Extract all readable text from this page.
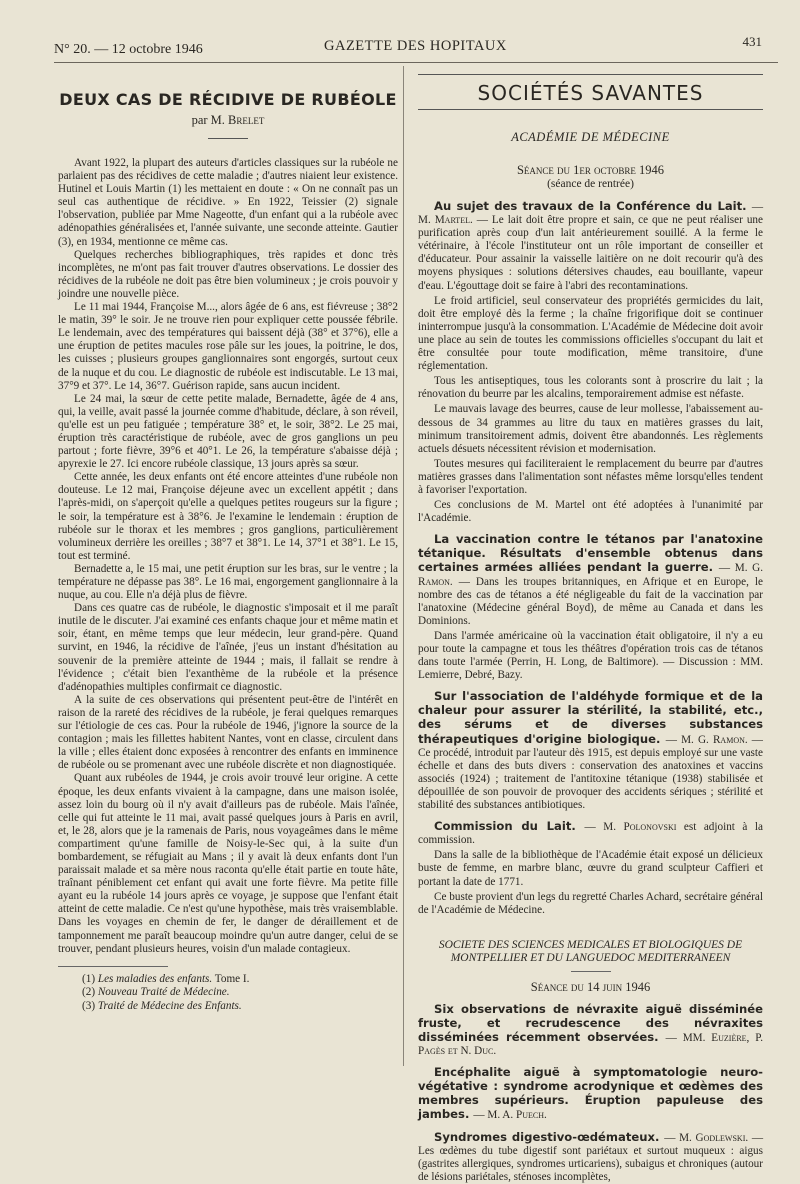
N° 20. — 12 octobre 1946	GAZETTE DES HOPITAUX	431
DEUX CAS DE RÉCIDIVE DE RUBÉOLE
par M. Brelet

Avant 1922, la plupart des auteurs d'articles classiques sur la rubéole ne parlaient pas des récidives de cette maladie ; d'autres niaient leur existence. Hutinel et Louis Martin (1) les mettaient en doute : « On ne connaît pas un seul cas authentique de récidive. » En 1922, Teissier (2) signale l'observation, publiée par Mme Nageotte, d'un enfant qui a la rubéole avec adénopathies généralisées et, l'année suivante, une seconde atteinte. Gautier (3), en 1934, mentionne ce même cas.

Quelques recherches bibliographiques, très rapides et donc très incomplètes, ne m'ont pas fait trouver d'autres observations. Le dossier des récidives de la rubéole ne doit pas être bien volumineux ; je crois pouvoir y joindre une nouvelle pièce.

Le 11 mai 1944, Françoise M..., alors âgée de 6 ans, est fiévreuse ; 38°2 le matin, 39° le soir. Je ne trouve rien pour expliquer cette poussée fébrile. Le lendemain, avec des températures qui baissent déjà (38° et 37°6), elle a une éruption de petites macules rose pâle sur les joues, la poitrine, le dos, les cuisses ; plusieurs groupes ganglionnaires sont engorgés, surtout ceux de la nuque et du cou. Le diagnostic de rubéole est indiscutable. Le 13 mai, 37°9 et 37°. Le 14, 36°7. Guérison rapide, sans aucun incident.

Le 24 mai, la sœur de cette petite malade, Bernadette, âgée de 4 ans, qui, la veille, avait passé la journée comme d'habitude, déclare, à son réveil, qu'elle est un peu fatiguée ; température 38° et, le soir, 38°2. Le 25 mai, éruption très caractéristique de rubéole, avec de gros ganglions un peu partout ; forte fièvre, 39°6 et 40°1. Le 26, la température s'abaisse déjà ; apyrexie le 27. Ici encore rubéole classique, 13 jours après sa sœur.

Cette année, les deux enfants ont été encore atteintes d'une rubéole non douteuse. Le 12 mai, Françoise déjeune avec un excellent appétit ; dans l'après-midi, on s'aperçoit qu'elle a quelques petites rougeurs sur la figure ; le soir, la température est à 38°6. Je l'examine le lendemain : éruption de rubéole sur le thorax et les membres ; gros ganglions, particulièrement volumineux derrière les oreilles ; 38°7 et 38°1. Le 14, 37°1 et 38°1. Le 15, tout est terminé.

Bernadette a, le 15 mai, une petit éruption sur les bras, sur le ventre ; la température ne dépasse pas 38°. Le 16 mai, engorgement ganglionnaire à la nuque, au cou. Elle n'a déjà plus de fièvre.

Dans ces quatre cas de rubéole, le diagnostic s'imposait et il me paraît inutile de le discuter. J'ai examiné ces enfants chaque jour et même matin et soir, étant, en même temps que leur médecin, leur grand-père. Quand survint, en 1946, la récidive de l'aînée, j'eus un instant d'hésitation au souvenir de la première atteinte de 1944 ; mais, il fallait se rendre à l'évidence ; c'était bien l'exanthème de la rubéole et la présence d'adénopathies multiples confirmait ce diagnostic.

A la suite de ces observations qui présentent peut-être de l'intérêt en raison de la rareté des récidives de la rubéole, je ferai quelques remarques sur l'étiologie de ces cas. Pour la rubéole de 1946, j'ignore la source de la contagion ; mais les fillettes habitent Nantes, vont en classe, circulent dans la ville ; elles étaient donc exposées à rencontrer des enfants en imminence de rubéole ou se promenant avec une rubéole discrète et non diagnostiquée.

Quant aux rubéoles de 1944, je crois avoir trouvé leur origine. A cette époque, les deux enfants vivaient à la campagne, dans une maison isolée, assez loin du bourg où il n'y avait d'ailleurs pas de rubéole. Mais l'aînée, celle qui fut atteinte le 11 mai, avait passé quelques jours à Paris en avril, et, le 28, alors que je la ramenais de Paris, nous voyageâmes dans le même compartiment qu'une famille de Noisy-le-Sec qui, à la suite d'un bombardement, se réfugiait au Mans ; il y avait là deux enfants dont l'un paraissait malade et sa mère nous raconta qu'elle était partie en toute hâte, traînant péniblement cet enfant qui avait une forte fièvre. Ma petite fille ayant eu la rubéole 14 jours après ce voyage, je suppose que l'enfant était atteint de cette maladie. Ce n'est qu'une hypothèse, mais très vraisemblable. Dans les voyages en chemin de fer, le danger de déraillement et de tamponnement me paraît beaucoup moindre qu'un autre danger, celui de se trouver, pendant plusieurs heures, voisin d'un malade contagieux.

(1) Les maladies des enfants. Tome I.
(2) Nouveau Traité de Médecine.
(3) Traité de Médecine des Enfants.
SOCIÉTÉS SAVANTES
ACADÉMIE DE MÉDECINE
Séance du 1er octobre 1946
(séance de rentrée)

Au sujet des travaux de la Conférence du Lait. — M. Martel. — Le lait doit être propre et sain, ce que ne peut réaliser une purification après coup d'un lait antérieurement souillé. A la ferme le vétérinaire, à l'école l'instituteur ont un rôle important de conseiller et d'éducateur. Pour assainir la vaisselle laitière on ne doit recourir qu'à des moyens physiques : solutions détersives chaudes, eau bouillante, vapeur d'eau. L'égouttage doit se faire à l'abri des recontaminations.

Le froid artificiel, seul conservateur des propriétés germicides du lait, doit être employé dès la ferme ; la chaîne frigorifique doit se continuer ininterrompue jusqu'à la consommation. L'Académie de Médecine doit avoir une place au sein de toutes les commissions officielles s'occupant du lait et être consultée pour toute modification, même transitoire, d'une réglementation.

Tous les antiseptiques, tous les colorants sont à proscrire du lait ; la rénovation du beurre par les alcalins, temporairement admise est néfaste.

Le mauvais lavage des beurres, cause de leur mollesse, l'abaissement au-dessous de 34 grammes au litre du taux en matières grasses du lait, minimum transitoirement admis, doivent être abandonnés. Les règlements actuels désuets nécessitent révision et modernisation.

Toutes mesures qui faciliteraient le remplacement du beurre par d'autres matières grasses dans l'alimentation sont néfastes même lorsqu'elles tendent à favoriser l'exportation.

Ces conclusions de M. Martel ont été adoptées à l'unanimité par l'Académie.

La vaccination contre le tétanos par l'anatoxine tétanique. Résultats d'ensemble obtenus dans certaines armées alliées pendant la guerre. — M. G. Ramon. — Dans les troupes britanniques, en Afrique et en Europe, le nombre des cas de tétanos a été négligeable du fait de la vaccination par l'anatoxine (Médecine général Boyd), de même au Canada et dans les Dominions.

Dans l'armée américaine où la vaccination était obligatoire, il n'y a eu pour toute la campagne et tous les théâtres d'opération trois cas de tétanos dans toute l'armée (Perrin, H. Long, de Baltimore). — Discussion : MM. Lemierre, Debré, Bazy.

Sur l'association de l'aldéhyde formique et de la chaleur pour assurer la stérilité, la stabilité, etc., des sérums et de diverses substances thérapeutiques d'origine biologique. — M. G. Ramon. — Ce procédé, introduit par l'auteur dès 1915, est depuis employé sur une vaste échelle et dans des buts divers : conservation des anatoxines et vaccins associés (1924) ; traitement de l'antitoxine tétanique (1938) stabilisée et dépouillée de son pouvoir de provoquer des accidents sériques ; stérilité et stabilité des substances antibiotiques.

Commission du Lait. — M. Polonovski est adjoint à la commission.

Dans la salle de la bibliothèque de l'Académie était exposé un délicieux buste de femme, en marbre blanc, œuvre du grand sculpteur Caffieri et portant la date de 1771.

Ce buste provient d'un legs du regretté Charles Achard, secrétaire général de l'Académie de Médecine.

SOCIETE DES SCIENCES MEDICALES ET BIOLOGIQUES DE MONTPELLIER ET DU LANGUEDOC MEDITERRANEEN
Séance du 14 juin 1946

Six observations de névraxite aiguë disséminée fruste, et recrudescence des névraxites disséminées récemment observées. — MM. Euzière, P. Pagès et N. Duc.

Encéphalite aiguë à symptomatologie neuro-végétative : syndrome acrodynique et œdèmes des membres supérieurs. Éruption papuleuse des jambes. — M. A. Puech.

Syndromes digestivo-œdémateux. — M. Godlewski. — Les œdèmes du tube digestif sont pariétaux et surtout muqueux : aigus (gastrites allergiques, syndromes urticariens), subaigus et chroniques (autour de lésions pariétales, sténoses incomplètes,
